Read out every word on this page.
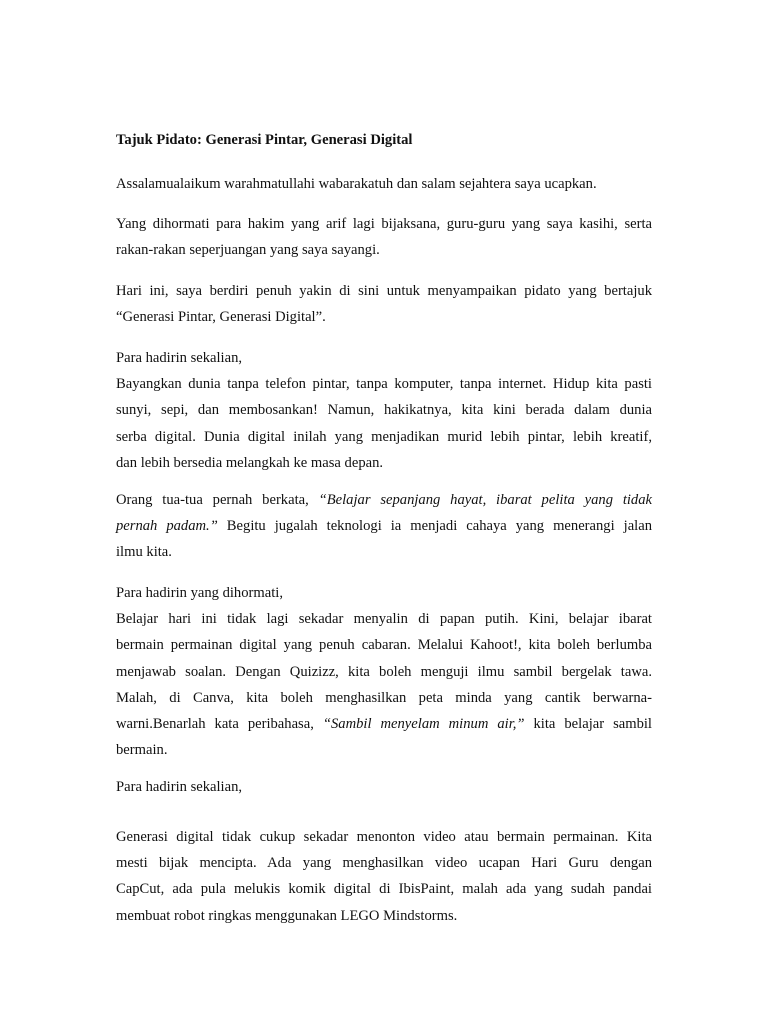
Tajuk Pidato: Generasi Pintar, Generasi Digital
Assalamualaikum warahmatullahi wabarakatuh dan salam sejahtera saya ucapkan.
Yang dihormati para hakim yang arif lagi bijaksana, guru-guru yang saya kasihi, serta
rakan-rakan seperjuangan yang saya sayangi.
Hari ini, saya berdiri penuh yakin di sini untuk menyampaikan pidato yang bertajuk
“Generasi Pintar, Generasi Digital”.
Para hadirin sekalian,
Bayangkan dunia tanpa telefon pintar, tanpa komputer, tanpa internet. Hidup kita pasti
sunyi, sepi, dan membosankan! Namun, hakikatnya, kita kini berada dalam dunia
serba digital. Dunia digital inilah yang menjadikan murid lebih pintar, lebih kreatif,
dan lebih bersedia melangkah ke masa depan.
Orang tua-tua pernah berkata, “Belajar sepanjang hayat, ibarat pelita yang tidak
pernah padam.” Begitu jugalah teknologi ia menjadi cahaya yang menerangi jalan
ilmu kita.
Para hadirin yang dihormati,
Belajar hari ini tidak lagi sekadar menyalin di papan putih. Kini, belajar ibarat
bermain permainan digital yang penuh cabaran. Melalui Kahoot!, kita boleh berlumba
menjawab soalan. Dengan Quizizz, kita boleh menguji ilmu sambil bergelak tawa.
Malah, di Canva, kita boleh menghasilkan peta minda yang cantik berwarna-
warni.Benarlah kata peribahasa, “Sambil menyelam minum air,” kita belajar sambil
bermain.
Para hadirin sekalian,
Generasi digital tidak cukup sekadar menonton video atau bermain permainan. Kita
mesti bijak mencipta. Ada yang menghasilkan video ucapan Hari Guru dengan
CapCut, ada pula melukis komik digital di IbisPaint, malah ada yang sudah pandai
membuat robot ringkas menggunakan LEGO Mindstorms.
